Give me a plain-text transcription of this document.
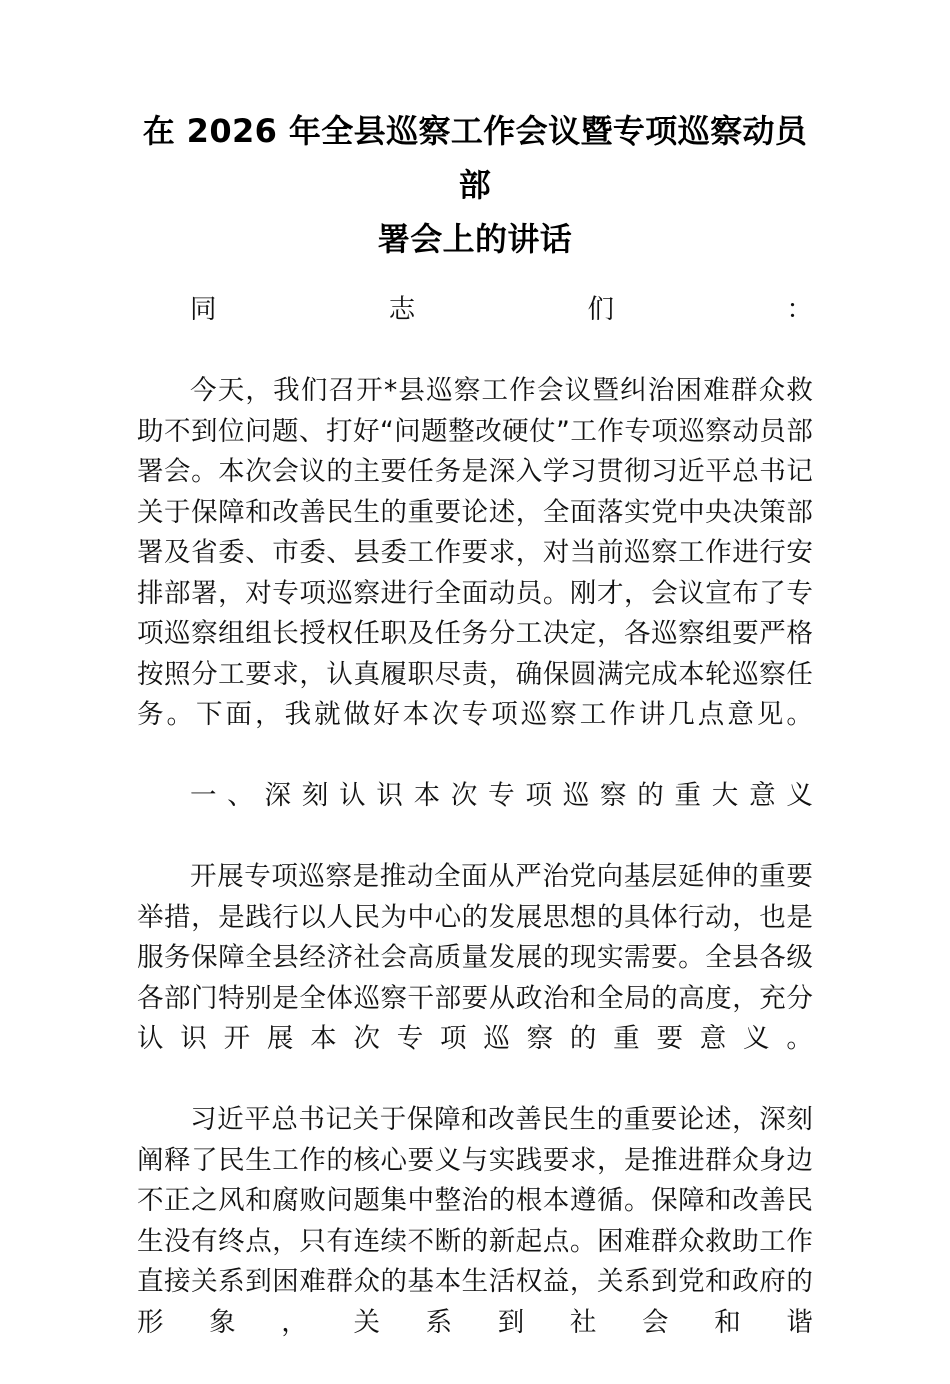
在 2026 年全县巡察工作会议暨专项巡察动员部
署会上的讲话

同志们：

今天，我们召开*县巡察工作会议暨纠治困难群众救助不到位问题、打好“问题整改硬仗”工作专项巡察动员部署会。本次会议的主要任务是深入学习贯彻习近平总书记关于保障和改善民生的重要论述，全面落实党中央决策部署及省委、市委、县委工作要求，对当前巡察工作进行安排部署，对专项巡察进行全面动员。刚才，会议宣布了专项巡察组组长授权任职及任务分工决定，各巡察组要严格按照分工要求，认真履职尽责，确保圆满完成本轮巡察任务。下面，我就做好本次专项巡察工作讲几点意见。

一、深刻认识本次专项巡察的重大意义

开展专项巡察是推动全面从严治党向基层延伸的重要举措，是践行以人民为中心的发展思想的具体行动，也是服务保障全县经济社会高质量发展的现实需要。全县各级各部门特别是全体巡察干部要从政治和全局的高度，充分认识开展本次专项巡察的重要意义。

习近平总书记关于保障和改善民生的重要论述，深刻阐释了民生工作的核心要义与实践要求，是推进群众身边不正之风和腐败问题集中整治的根本遵循。保障和改善民生没有终点，只有连续不断的新起点。困难群众救助工作直接关系到困难群众的基本生活权益，关系到党和政府的形象，关系到社会和谐
